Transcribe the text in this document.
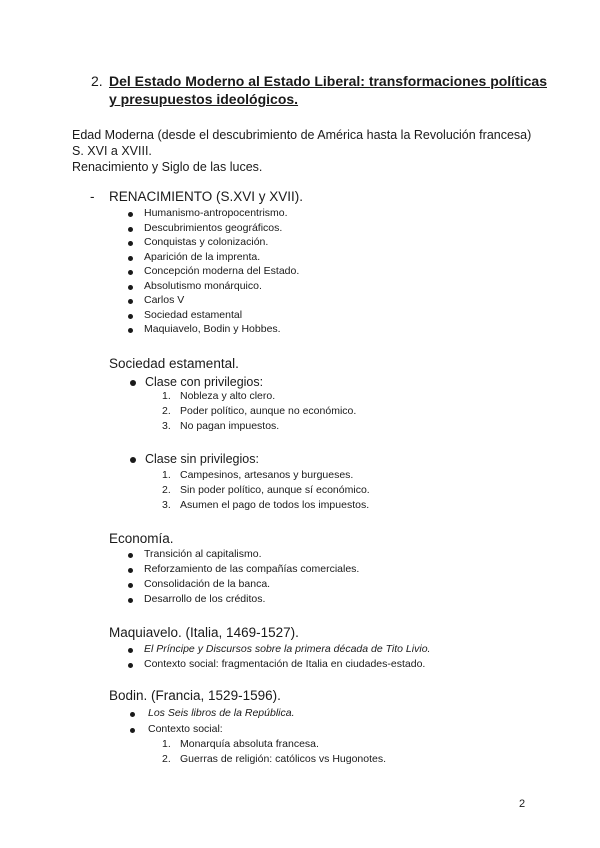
2. Del Estado Moderno al Estado Liberal: transformaciones políticas
y presupuestos ideológicos.
Edad Moderna (desde el descubrimiento de América hasta la Revolución francesa)
S. XVI a XVIII.
Renacimiento y Siglo de las luces.
- RENACIMIENTO (S.XVI y XVII).
Humanismo-antropocentrismo.
Descubrimientos geográficos.
Conquistas y colonización.
Aparición de la imprenta.
Concepción moderna del Estado.
Absolutismo monárquico.
Carlos V
Sociedad estamental
Maquiavelo, Bodin y Hobbes.
Sociedad estamental.
Clase con privilegios:
1. Nobleza y alto clero.
2. Poder político, aunque no económico.
3. No pagan impuestos.
Clase sin privilegios:
1. Campesinos, artesanos y burgueses.
2. Sin poder político, aunque sí económico.
3. Asumen el pago de todos los impuestos.
Economía.
Transición al capitalismo.
Reforzamiento de las compañías comerciales.
Consolidación de la banca.
Desarrollo de los créditos.
Maquiavelo. (Italia, 1469-1527).
El Príncipe y Discursos sobre la primera década de Tito Livio.
Contexto social: fragmentación de Italia en ciudades-estado.
Bodin. (Francia, 1529-1596).
Los Seis libros de la República.
Contexto social:
1. Monarquía absoluta francesa.
2. Guerras de religión: católicos vs Hugonotes.
2
